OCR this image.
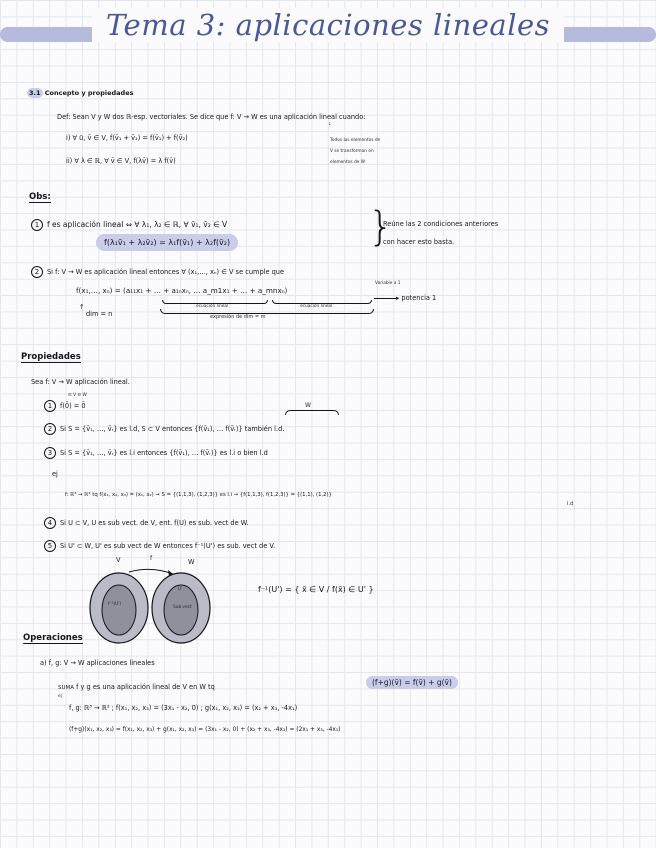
Tema 3: aplicaciones lineales
3.1 Concepto y propiedades
Def: Sean V y W dos ℝ-esp. vectoriales. Se dice que f: V → W es una aplicación lineal cuando:
↓
i) ∀ ū, v̄ ∈ V, f(v̄₁ + v̄₂) = f(v̄₁) + f(v̄₂)
ii) ∀ λ ∈ ℝ, ∀ v̄ ∈ V, f(λv̄) = λ f(v̄)
Todos los elementos de
V se transforman en
elementos de W
Obs:
1 f es aplicación lineal ⇔ ∀ λ₁, λ₂ ∈ ℝ, ∀ v̄₁, v̄₂ ∈ V
f(λ₁v̄₁ + λ₂v̄₂) = λ₁f(v̄₁) + λ₂f(v̄₂)	}
Reúne las 2 condiciones anteriores
con hacer esto basta.
2 Si f: V → W es aplicación lineal entonces ∀ (x₁,…, xₙ) ∈ V se cumple que
Variable a 1
f(x₁,…, xₙ) = (a₁₁x₁ + … + a₁ₙxₙ, … a_m1x₁ + … + a_mnxₙ)
↑
dim = n
ecuación lineal	ecuación lineal
expresión de dim = m
▸ potencia 1
Propiedades
Sea f: V → W aplicación lineal.
1 f(0̄) = 0̄
∈ V ∈ W
W
2 Si S = {v̄₁, …, v̄ᵣ} es l.d, S ⊂ V entonces {f(v̄₁), … f(v̄ᵣ)} también l.d.
3 Si S = {v̄₁, …, v̄ᵣ} es l.i entonces {f(v̄₁), … f(v̄ᵣ)} es l.i o bien l.d
ej
f: ℝ³ → ℝ² tq f(x₁, x₂, x₃) = (x₁, x₂) → S = {(1,1,3), (1,2,3)} es l.i → {f(1,1,3), f(1,2,3)} = {(1,1), (1,2)}
l.d
4 Si U ⊂ V, U es sub vect. de V, ent. f(U) es sub. vect de W.
5 Si U' ⊂ W, U' es sub vect de W entonces f⁻¹(U') es sub. vect de V.
V	W
f
f⁻¹(U')
Sub vect
U'	f⁻¹(U') = { x̄ ∈ V / f(x̄) ∈ U' }
Operaciones
a) f, g: V → W aplicaciones lineales
SUMA f y g es una aplicación lineal de V en W tq	(f+g)(v̄) = f(v̄) + g(v̄)
ej
f, g: ℝ³ → ℝ² ; f(x₁, x₂, x₃) = (3x₁ - x₂, 0) ; g(x₁, x₂, x₃) = (x₂ + x₃, -4x₁)
(f+g)(x₁, x₂, x₃) = f(x₁, x₂, x₃) + g(x₁, x₂, x₃) = (3x₁ - x₂, 0) + (x₂ + x₃, -4x₁) = (2x₁ + x₃, -4x₁)
